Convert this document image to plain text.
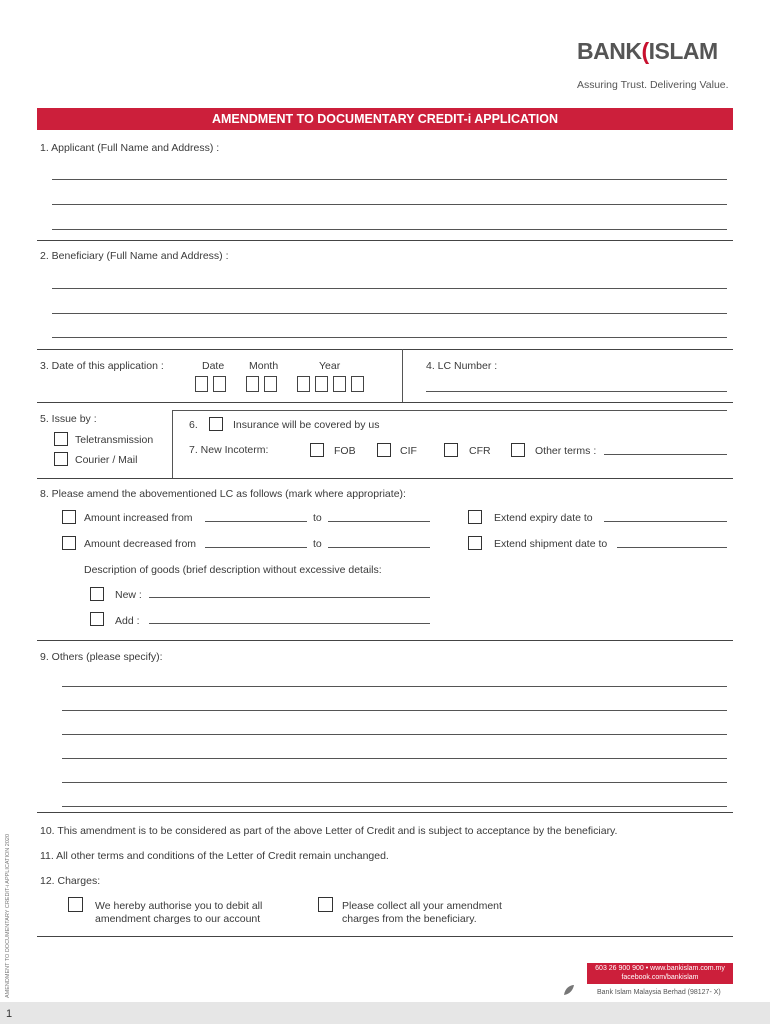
BANK(ISLAM
Assuring Trust. Delivering Value.
AMENDMENT TO DOCUMENTARY CREDIT-i APPLICATION
1. Applicant (Full Name and Address) :
2. Beneficiary (Full Name and Address) :
3. Date of this application :	Date Month	Year	4. LC Number :
5. Issue by :
Teletransmission
Courier / Mail
6.	Insurance will be covered by us
7. New Incoterm:	FOB	CIF	CFR	Other terms :
8. Please amend the abovementioned LC as follows (mark where appropriate):
Amount increased from	to	Extend expiry date to
Amount decreased from	to	Extend shipment date to
Description of goods (brief description without excessive details:
New :
Add :
9. Others (please specify):
10. This amendment is to be considered as part of the above Letter of Credit and is subject to acceptance by the beneficiary.
11. All other terms and conditions of the Letter of Credit remain unchanged.
12. Charges:
We hereby authorise you to debit all
amendment charges to our account
Please collect all your amendment
charges from the beneficiary.
AMENDMENT TO DOCUMENTARY CREDIT-i APPLICATION 2020	603 26 900 900 • www.bankislam.com.my
facebook.com/bankislam
Bank Islam Malaysia Berhad (98127- X)
1
